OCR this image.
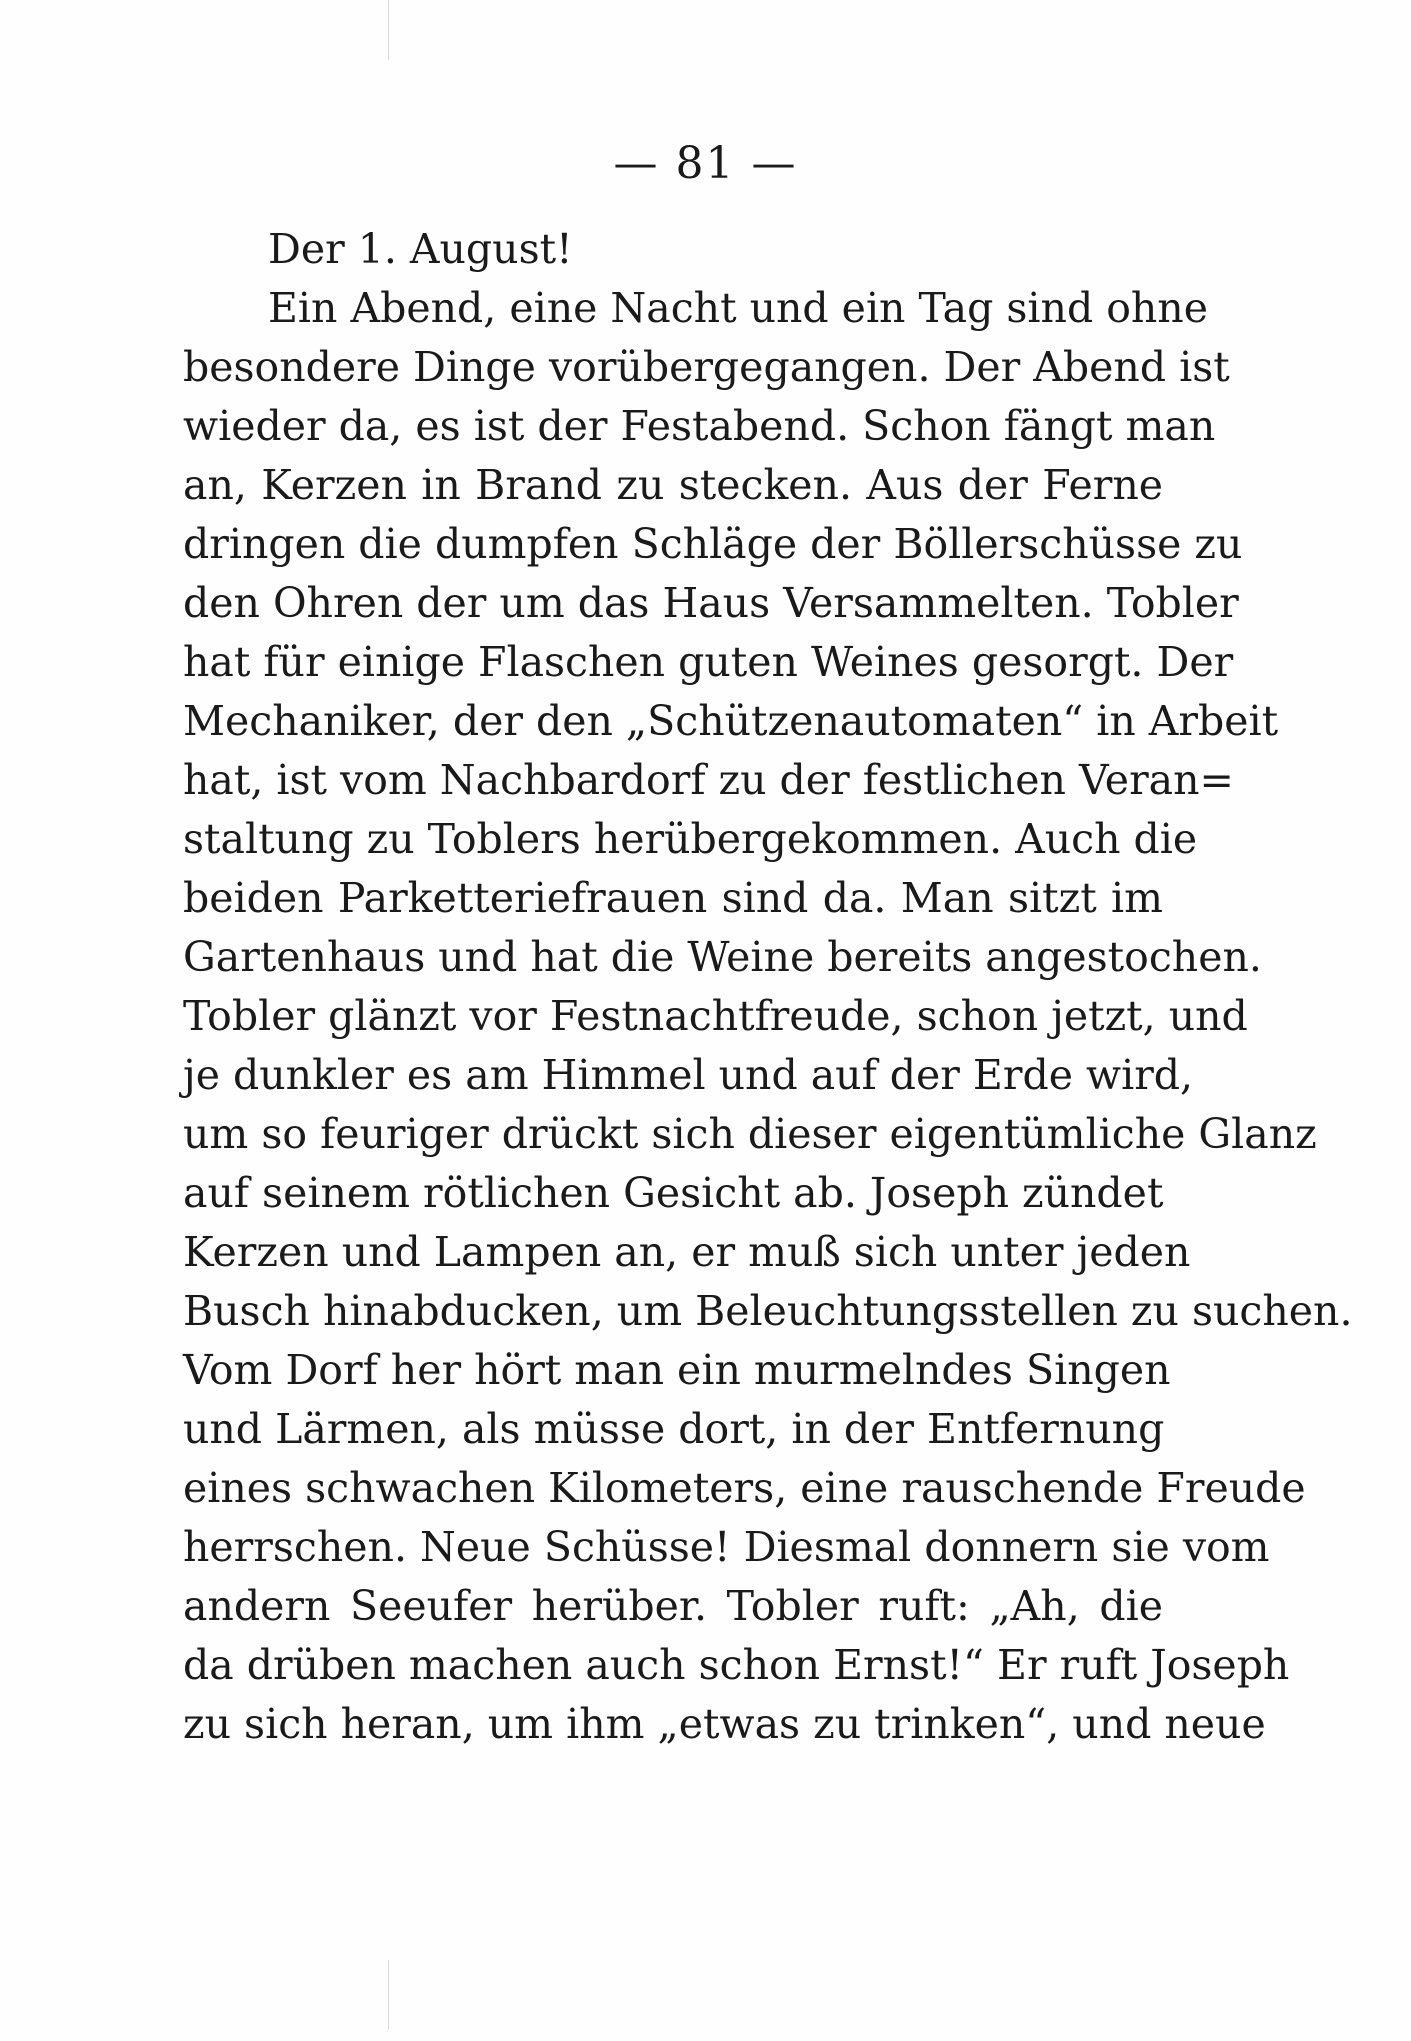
— 81 —
Der 1. August!
Ein Abend, eine Nacht und ein Tag sind ohne
besondere Dinge vorübergegangen. Der Abend ist
wieder da, es ist der Festabend. Schon fängt man
an, Kerzen in Brand zu stecken. Aus der Ferne
dringen die dumpfen Schläge der Böllerschüsse zu
den Ohren der um das Haus Versammelten. Tobler
hat für einige Flaschen guten Weines gesorgt. Der
Mechaniker, der den „Schützenautomaten“ in Arbeit
hat, ist vom Nachbardorf zu der festlichen Veran=
staltung zu Toblers herübergekommen. Auch die
beiden Parketteriefrauen sind da. Man sitzt im
Gartenhaus und hat die Weine bereits angestochen.
Tobler glänzt vor Festnachtfreude, schon jetzt, und
je dunkler es am Himmel und auf der Erde wird,
um so feuriger drückt sich dieser eigentümliche Glanz
auf seinem rötlichen Gesicht ab. Joseph zündet
Kerzen und Lampen an, er muß sich unter jeden
Busch hinabducken, um Beleuchtungsstellen zu suchen.
Vom Dorf her hört man ein murmelndes Singen
und Lärmen, als müsse dort, in der Entfernung
eines schwachen Kilometers, eine rauschende Freude
herrschen. Neue Schüsse! Diesmal donnern sie vom
andern Seeufer herüber. Tobler ruft: „Ah, die
da drüben machen auch schon Ernst!“ Er ruft Joseph
zu sich heran, um ihm „etwas zu trinken“, und neue
